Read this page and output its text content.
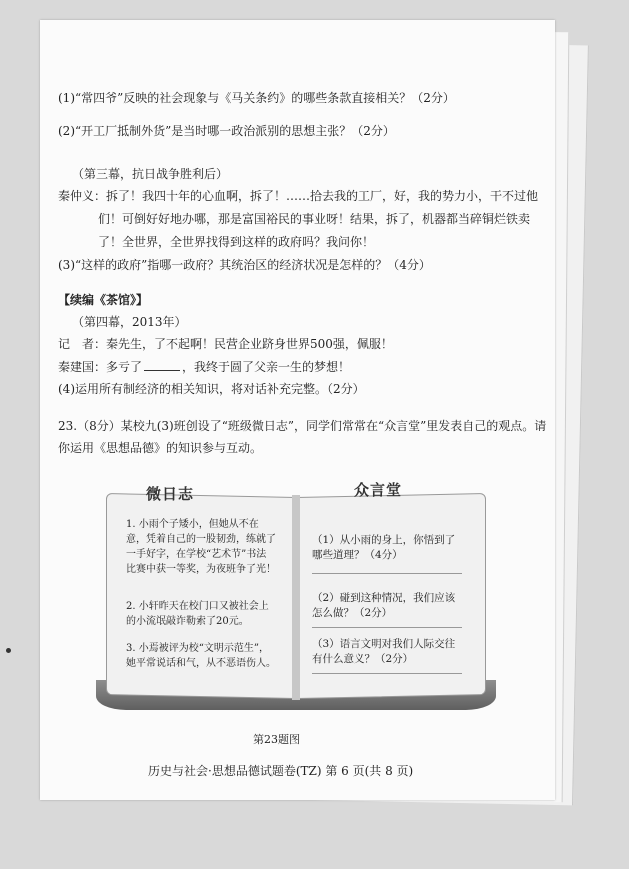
(1)“常四爷”反映的社会现象与《马关条约》的哪些条款直接相关？（2分）
(2)“开工厂抵制外货”是当时哪一政治派别的思想主张？（2分）
（第三幕，抗日战争胜利后）
秦仲义：拆了！我四十年的心血啊，拆了！……拾去我的工厂，好，我的势力小，干不过他
们！可倒好好地办哪，那是富国裕民的事业呀！结果，拆了，机器都当碎铜烂铁卖
了！全世界，全世界找得到这样的政府吗？我问你！
(3)“这样的政府”指哪一政府？其统治区的经济状况是怎样的？（4分）
【续编《茶馆》】
（第四幕，2013年）
记　者：秦先生，了不起啊！民营企业跻身世界500强，佩服！
秦建国：多亏了	，我终于圆了父亲一生的梦想！
(4)运用所有制经济的相关知识，将对话补充完整。（2分）
23.（8分）某校九(3)班创设了“班级微日志”，同学们常常在“众言堂”里发表自己的观点。请
你运用《思想品德》的知识参与互动。
微日志	众言堂
1. 小雨个子矮小，但她从不在意，凭着自己的一股韧劲，练就了一手好字，在学校“艺术节”书法比赛中获一等奖，为夜班争了光！
2. 小轩昨天在校门口又被社会上的小流氓敲诈勒索了20元。
3. 小焉被评为校“文明示范生”，她平常说话和气，从不恶语伤人。
（1）从小雨的身上，你悟到了哪些道理？（4分）
（2）碰到这种情况，我们应该怎么做？（2分）
（3）语言文明对我们人际交往有什么意义？（2分）
第23题图
历史与社会·思想品德试题卷(TZ) 第 6 页(共 8 页)
